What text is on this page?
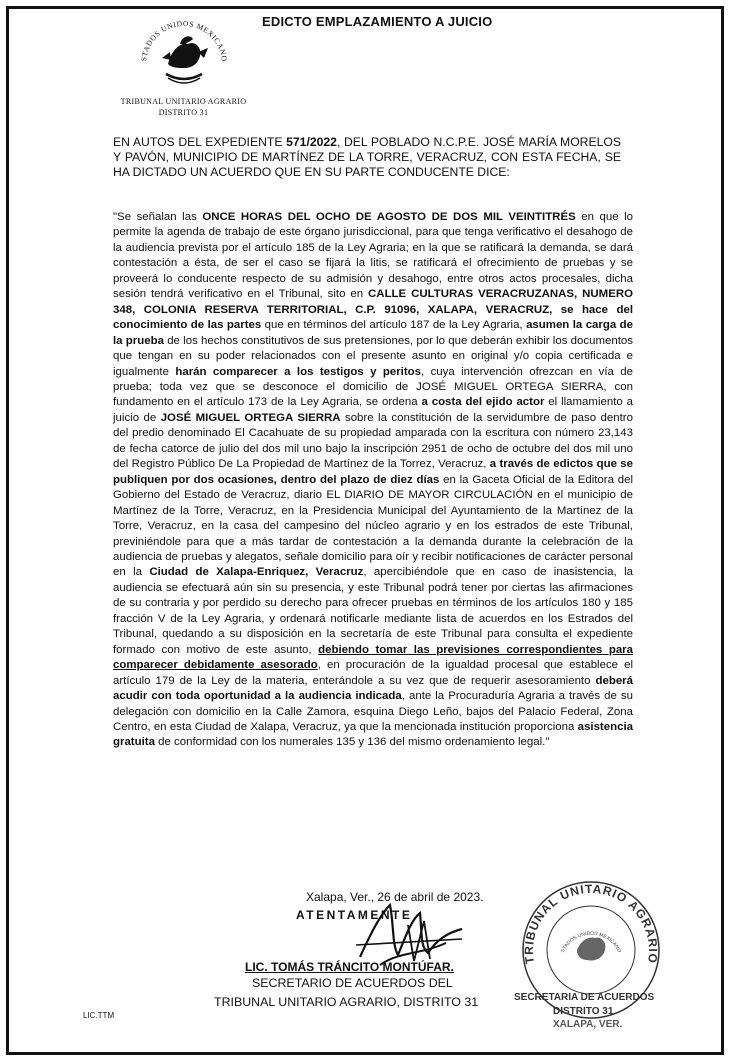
STADOS UNIDOS MEXICANO
TRIBUNAL UNITARIO AGRARIO
DISTRITO 31
EDICTO EMPLAZAMIENTO A JUICIO
EN AUTOS DEL EXPEDIENTE 571/2022, DEL POBLADO N.C.P.E. JOSÉ MARÍA MORELOS Y PAVÓN, MUNICIPIO DE MARTÍNEZ DE LA TORRE, VERACRUZ, CON ESTA FECHA, SE HA DICTADO UN ACUERDO QUE EN SU PARTE CONDUCENTE DICE:

"Se señalan las ONCE HORAS DEL OCHO DE AGOSTO DE DOS MIL VEINTITRÉS en que lo permite la agenda de trabajo de este órgano jurisdiccional, para que tenga verificativo el desahogo de la audiencia prevista por el artículo 185 de la Ley Agraria; en la que se ratificará la demanda, se dará contestación a ésta, de ser el caso se fijará la litis, se ratificará el ofrecimiento de pruebas y se proveerá lo conducente respecto de su admisión y desahogo, entre otros actos procesales, dicha sesión tendrá verificativo en el Tribunal, sito en CALLE CULTURAS VERACRUZANAS, NUMERO 348, COLONIA RESERVA TERRITORIAL, C.P. 91096, XALAPA, VERACRUZ, se hace del conocimiento de las partes que en términos del artículo 187 de la Ley Agraria, asumen la carga de la prueba de los hechos constitutivos de sus pretensiones, por lo que deberán exhibir los documentos que tengan en su poder relacionados con el presente asunto en original y/o copia certificada e igualmente harán comparecer a los testigos y peritos, cuya intervención ofrezcan en vía de prueba; toda vez que se desconoce el domicilio de JOSÉ MIGUEL ORTEGA SIERRA, con fundamento en el artículo 173 de la Ley Agraria, se ordena a costa del ejido actor el llamamiento a juicio de JOSÉ MIGUEL ORTEGA SIERRA sobre la constitución de la servidumbre de paso dentro del predio denominado El Cacahuate de su propiedad amparada con la escritura con número 23,143 de fecha catorce de julio del dos mil uno bajo la inscripción 2951 de ocho de octubre del dos mil uno del Registro Público De La Propiedad de Martínez de la Torrez, Veracruz, a través de edictos que se publiquen por dos ocasiones, dentro del plazo de diez días en la Gaceta Oficial de la Editora del Gobierno del Estado de Veracruz, diario EL DIARIO DE MAYOR CIRCULACIÓN en el municipio de Martínez de la Torre, Veracruz, en la Presidencia Municipal del Ayuntamiento de la Martínez de la Torre, Veracruz, en la casa del campesino del núcleo agrario y en los estrados de este Tribunal, previniéndole para que a más tardar de contestación a la demanda durante la celebración de la audiencia de pruebas y alegatos, señale domicilio para oír y recibir notificaciones de carácter personal en la Ciudad de Xalapa-Enriquez, Veracruz, apercibiéndole que en caso de inasistencia, la audiencia se efectuará aún sin su presencia, y este Tribunal podrá tener por ciertas las afirmaciones de su contraria y por perdido su derecho para ofrecer pruebas en términos de los artículos 180 y 185 fracción V de la Ley Agraria, y ordenará notificarle mediante lista de acuerdos en los Estrados del Tribunal, quedando a su disposición en la secretaría de este Tribunal para consulta el expediente formado con motivo de este asunto, debiendo tomar las previsiones correspondientes para comparecer debidamente asesorado, en procuración de la igualdad procesal que establece el artículo 179 de la Ley de la materia, enterándole a su vez que de requerir asesoramiento deberá acudir con toda oportunidad a la audiencia indicada, ante la Procuraduría Agraria a través de su delegación con domicilio en la Calle Zamora, esquina Diego Leño, bajos del Palacio Federal, Zona Centro, en esta Ciudad de Xalapa, Veracruz, ya que la mencionada institución proporciona asistencia gratuita de conformidad con los numerales 135 y 136 del mismo ordenamiento legal."

Xalapa, Ver., 26 de abril de 2023.
ATENTAMENTE
LIC. TOMÁS TRÁNCITO MONTÚFAR.
SECRETARIO DE ACUERDOS DEL
TRIBUNAL UNITARIO AGRARIO, DISTRITO 31
TRIBUNAL UNITARIO AGRARIO
STADOS UNIDOS MEXICANO
SECRETARIA DE ACUERDOS
DISTRITO 31
XALAPA, VER.
LIC.TTM
